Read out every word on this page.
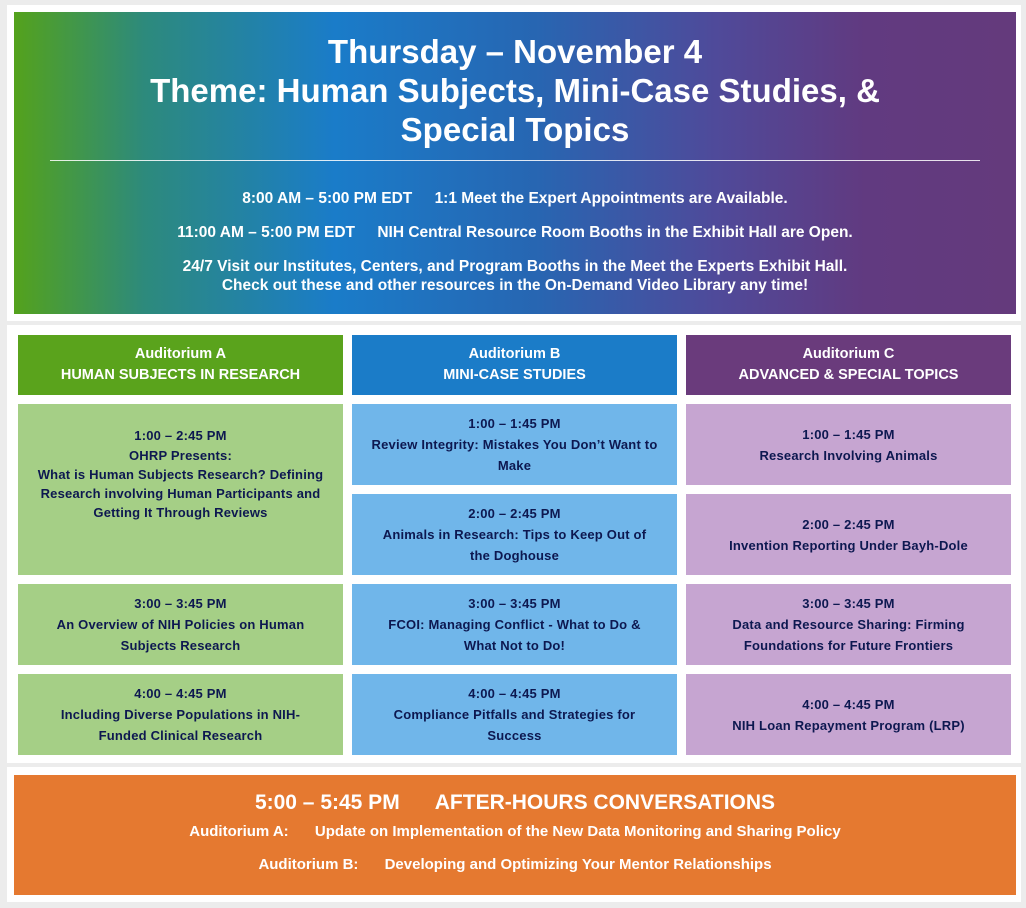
Thursday – November 4
Theme: Human Subjects, Mini-Case Studies, &
Special Topics
8:00 AM – 5:00 PM EDT 1:1 Meet the Expert Appointments are Available.
11:00 AM – 5:00 PM EDT NIH Central Resource Room Booths in the Exhibit Hall are Open.
24/7 Visit our Institutes, Centers, and Program Booths in the Meet the Experts Exhibit Hall.
Check out these and other resources in the On-Demand Video Library any time!
Auditorium A
HUMAN SUBJECTS IN RESEARCH
Auditorium B
MINI-CASE STUDIES
Auditorium C
ADVANCED & SPECIAL TOPICS
1:00 – 2:45 PM
OHRP Presents:
What is Human Subjects Research? Defining
Research involving Human Participants and
Getting It Through Reviews
3:00 – 3:45 PM
An Overview of NIH Policies on Human
Subjects Research
4:00 – 4:45 PM
Including Diverse Populations in NIH-
Funded Clinical Research
1:00 – 1:45 PM
Review Integrity: Mistakes You Don’t Want to
Make
2:00 – 2:45 PM
Animals in Research: Tips to Keep Out of
the Doghouse
3:00 – 3:45 PM
FCOI: Managing Conflict - What to Do &
What Not to Do!
4:00 – 4:45 PM
Compliance Pitfalls and Strategies for
Success
1:00 – 1:45 PM
Research Involving Animals
2:00 – 2:45 PM
Invention Reporting Under Bayh-Dole
3:00 – 3:45 PM
Data and Resource Sharing: Firming
Foundations for Future Frontiers
4:00 – 4:45 PM
NIH Loan Repayment Program (LRP)
5:00 – 5:45 PM AFTER-HOURS CONVERSATIONS
Auditorium A: Update on Implementation of the New Data Monitoring and Sharing Policy
Auditorium B: Developing and Optimizing Your Mentor Relationships
